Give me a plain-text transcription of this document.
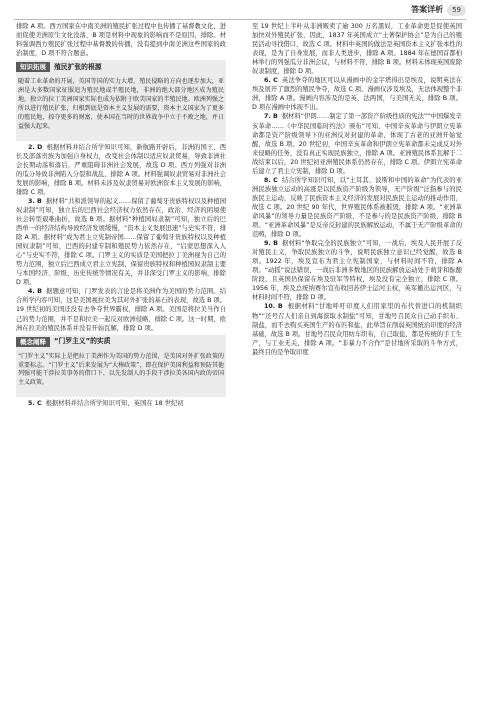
答案详析	59

排除 A 项。西方国家在中南美洲的殖民扩张过程中也传播了基督教文化，进而促使美洲原生文化没落，B 项是材料中现象的影响而不是原因，排除。材料强调西方殖民扩张过程中基督教的传播，没有提到中南美洲这些国家的政治制度，D 项不符合题意。

知识拓展	殖民扩张的根源

随着工业革命的开展，英国等国的实力大增，殖民侵略的方向也逐步加大，亚洲是大多数国家征服追为殖民地或半殖民地，非洲的绝大部分地区成为殖民地，独立的拉丁美洲国家实际也成为依附于欧美国家的半殖民地。欧洲列强之所以进行殖民扩张，归根到底是资本主义发展的需要，资本主义国家为了更多的殖民地，掠夺更多的财富，使本国在当时的世界战争中立于不败之地，并日益强大起来。

2. D 根据材料并结合所学知识可知，新航路开辟后，非洲的国王、西长及部落贵族为加强自身权力，改变社会体制以适应奴隶贸易，导致非洲社会长期动荡和落后，严重阻碍非洲社会发展，故选 D 项。西方列强对非洲的瓜分导致非洲陷入分裂和战乱，排除 A 项。材料强调奴隶贸易对非洲社会发展的影响，排除 B 项。材料未涉及奴隶贸易对欧洲资本主义发展的影响，排除 C 项。

3. B 据材料“共和派领导的起义……保留了葡萄牙贵族特权以及种植园奴隶制”可知，独立后的巴西社会经济权力依然存在，政治、经济的困境使社会转型艰难曲折，故选 B 项。据材料“种植园奴隶制”可知，独立后的巴西单一的经济结构导致经济发展缓慢，“资本主义发展迅速”与史实不符，排除 A 项。据材料“成为君主立宪制帝国……保留了葡萄牙贵族特权以及种植园奴隶制”可知，巴西的封建专制和殖民势力依然存在，“启蒙思想深入人心”与史实不符，排除 C 项。门罗主义的实质是美国把拉丁美洲视为自己的势力范围，独立后巴西成立君主立宪制，保留贵族特权和种植园奴隶制主要与本国经济、阶级、历史传统等情况有关，并非深受门罗主义的影响，排除 D 项。

4. B 据题意可知，门罗发表的言论是将美洲作为美国的势力范围。结合所学内容可知，这是美国视拉美为其对外扩张的基石的表现，故选 B 项。19 世纪初的美国还没有去争夺世界霸权，排除 A 项。美国是将拉美当作自己的势力范围，并不是和拉美一起反对欧洲侵略，排除 C 项。这一时期，欧洲在拉美的殖民体系并没有开始瓦解，排除 D 项。

概念阐释	“门罗主义”的实质

“门罗主义”实际上是把拉丁美洲作为美国的势力范围，是美国对外扩张政策的重要标志。“门罗主义”后来发展为“大棒政策”，即在保护美国利益和预防其他列强可能干涉拉美事务的借口下，以先发制人的手段干涉拉美各国内政的帝国主义政策。

5. C 根据材料并结合所学知识可知，英国在 18 世纪初

至 19 世纪上半叶从非洲贩卖了逾 300 万名黑奴，工业革命更是促使英国加快对外殖民扩张，因此，1837 年英国成立“土著保护协会”是为自己的殖民活动寻找借口，故选 C 项。材料中英国的做法是英国资本主义扩张本性的表现，是为了自身发展，而非人类进步，排除 A 项。1884 年在德国首都柏林举行的列强瓜分非洲会议，与材料不符，排除 B 项。材料未体现英国废除奴隶制度，排除 D 项。

6. C 英法争夺的地区可以从漫画中的金字塔得出是埃及，说明英法在埃及展开了激烈的殖民争夺，故选 C 项。漫画仅涉及埃及，无法体现整个非洲，排除 A 项。漫画内容涉及的是英、法两国，与美国无关，排除 B 项。D 项在漫画中体现不出。

7. B 据材料“伊朗……制定了第一部资产阶级性质的宪法”“中国爆发辛亥革命……《中华民国临时约法》颁布”可知，中国辛亥革命与伊朗立宪革命都是资产阶级领导下的亚洲反对封建的革命，体现了古老的亚洲开始觉醒，故选 B 项。20 世纪初，中国辛亥革命和伊朗立宪革命都未完成反对外来侵略的任务，没有真正实现民族独立，排除 A 项。亚洲殖民体系瓦解于二战结束以后，20 世纪初亚洲殖民体系仍然存在，排除 C 项。伊朗立宪革命后建立了君主立宪制，排除 D 项。

8. C 结合所学知识可知，以“土耳其、波斯和中国的革命”为代表的亚洲民族独立运动的高涨是以民族资产阶级为领导，无产阶级”泛指参与的民族民主运动，反映了民族资本主义经济的发展对民族民主运动的推动作用，故选 C 项。20 世纪 90 年代，世界殖民体系被摧毁，排除 A 项。“亚洲革命风暴”的领导力量是民族资产阶级，不是参与的是民族资产阶级，排除 B 项。“亚洲革命风暴”是反帝反封建的民族解放运动，不属于无产阶级革命的范畴，排除 D 项。

9. B 据材料“争取完全的民族独立”可知，一战后，埃及人民开展了反对殖民主义，争取民族独立的斗争，说明民族独立意识已经觉醒，故选 B 项。1922 年，埃及宣布为君主立宪制国家，与材料时间不符，排除 A 项。“动摇”说法错误，一战后非洲多数地区的民族解放运动处于萌芽和酝酿阶段，且英国仍保留在埃及驻军等特权，埃及没有完全独立，排除 C 项。1956 年，埃及总统纳赛尔宣布收回苏伊士运河主权，英军撤出运河区，与材料时间不符，排除 D 项。

10. B 根据材料“甘地呼吁印度人们用家里的布代替进口的机制织物”“还号召人们亲自到海滨取水制盐”可知，甘地号召民众自己动手织布、制盐，而不去购买英国生产的布匹和盐，此举旨在削弱英国统治印度的经济基础，故选 B 项。甘地号召民众用纺车织布，自己取盐，都是传统的手工生产，与工业无关，排除 A 项。“非暴力不合作”是甘地所采取的斗争方式，最终目的是争取印度
